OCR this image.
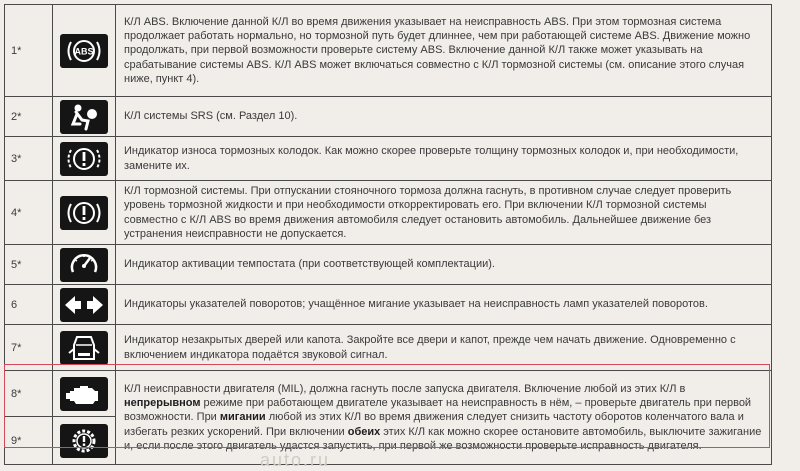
1*	ABS	К/Л ABS. Включение данной К/Л во время движения указывает на неисправность ABS. При этом тормозная система продолжает работать нормально, но тормозной путь будет длиннее, чем при работающей системе ABS. Движение можно продолжать, при первой возможности проверьте систему ABS. Включение данной К/Л также может указывать на срабатывание системы ABS. К/Л ABS может включаться совместно с К/Л тормозной системы (см. описание этого случая ниже, пункт 4).
2*		К/Л системы SRS (см. Раздел 10).
3*		Индикатор износа тормозных колодок. Как можно скорее проверьте толщину тормозных колодок и, при необходимости, замените их.
4*		К/Л тормозной системы. При отпускании стояночного тормоза должна гаснуть, в противном случае следует проверить уровень тормозной жидкости и при необходимости откорректировать его. При включении К/Л тормозной системы совместно с К/Л ABS во время движения автомобиля следует остановить автомобиль. Дальнейшее движение без устранения неисправности не допускается.
5*		Индикатор активации темпостата (при соответствующей комплектации).
6		Индикаторы указателей поворотов; учащённое мигание указывает на неисправность ламп указателей поворотов.
7*		Индикатор незакрытых дверей или капота. Закройте все двери и капот, прежде чем начать движение. Одновременно с включением индикатора подаётся звуковой сигнал.
8*		К/Л неисправности двигателя (MIL), должна гаснуть после запуска двигателя. Включение любой из этих К/Л в непрерывном режиме при работающем двигателе указывает на неисправность в нём, – проверьте двигатель при первой возможности. При мигании любой из этих К/Л во время движения следует снизить частоту оборотов коленчатого вала и избегать резких ускорений. При включении обеих этих К/Л как можно скорее остановите автомобиль, выключите зажигание и, если после этого двигатель удастся запустить, при первой же возможности проверьте исправность двигателя.
9*	
auto.ru
